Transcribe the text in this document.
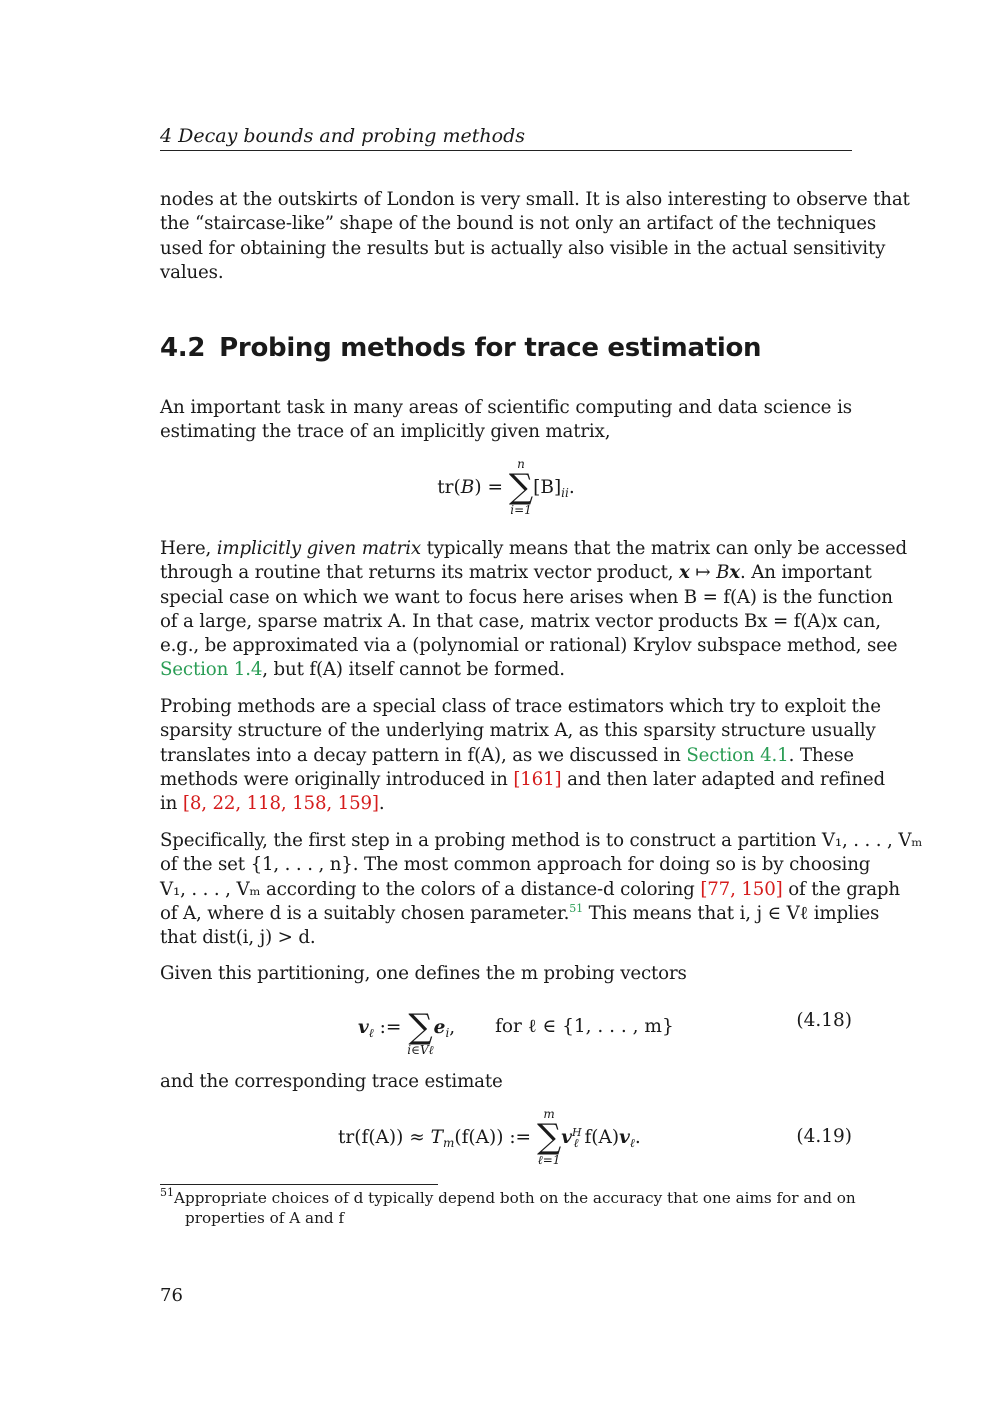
4 Decay bounds and probing methods
nodes at the outskirts of London is very small. It is also interesting to observe that
the “staircase-like” shape of the bound is not only an artifact of the techniques
used for obtaining the results but is actually also visible in the actual sensitivity
values.
4.2 Probing methods for trace estimation
An important task in many areas of scientific computing and data science is
estimating the trace of an implicitly given matrix,
tr(B) =
n
∑
i=1
$[B]_{ii}$.
Here, implicitly given matrix typically means that the matrix can only be accessed
through a routine that returns its matrix vector product, x ↦ Bx. An important
special case on which we want to focus here arises when B = f(A) is the function
of a large, sparse matrix A. In that case, matrix vector products Bx = f(A)x can,
e.g., be approximated via a (polynomial or rational) Krylov subspace method, see
Section 1.4, but f(A) itself cannot be formed.
Probing methods are a special class of trace estimators which try to exploit the
sparsity structure of the underlying matrix A, as this sparsity structure usually
translates into a decay pattern in f(A), as we discussed in Section 4.1. These
methods were originally introduced in [161] and then later adapted and refined
in [8, 22, 118, 158, 159].
Specifically, the first step in a probing method is to construct a partition V₁, . . . , Vₘ
of the set {1, . . . , n}. The most common approach for doing so is by choosing
V₁, . . . , Vₘ according to the colors of a distance-d coloring [77, 150] of the graph
of A, where d is a suitably chosen parameter.$^{51}$ This means that i, j ∈ Vℓ implies
that dist(i, j) > d.
Given this partitioning, one defines the m probing vectors
$v_\ell$ :=
∑
i∈Vℓ
$e_i$, for ℓ ∈ {1, . . . , m}	(4.18)
and the corresponding trace estimate
$tr(f(A)) \approx T_m(f(A))$ :=
m
∑
ℓ=1
$v^H_\ell$ $f(A)v_\ell$.	(4.19)
$^{51}$Appropriate choices of d typically depend both on the accuracy that one aims for and on
properties of A and f
76
